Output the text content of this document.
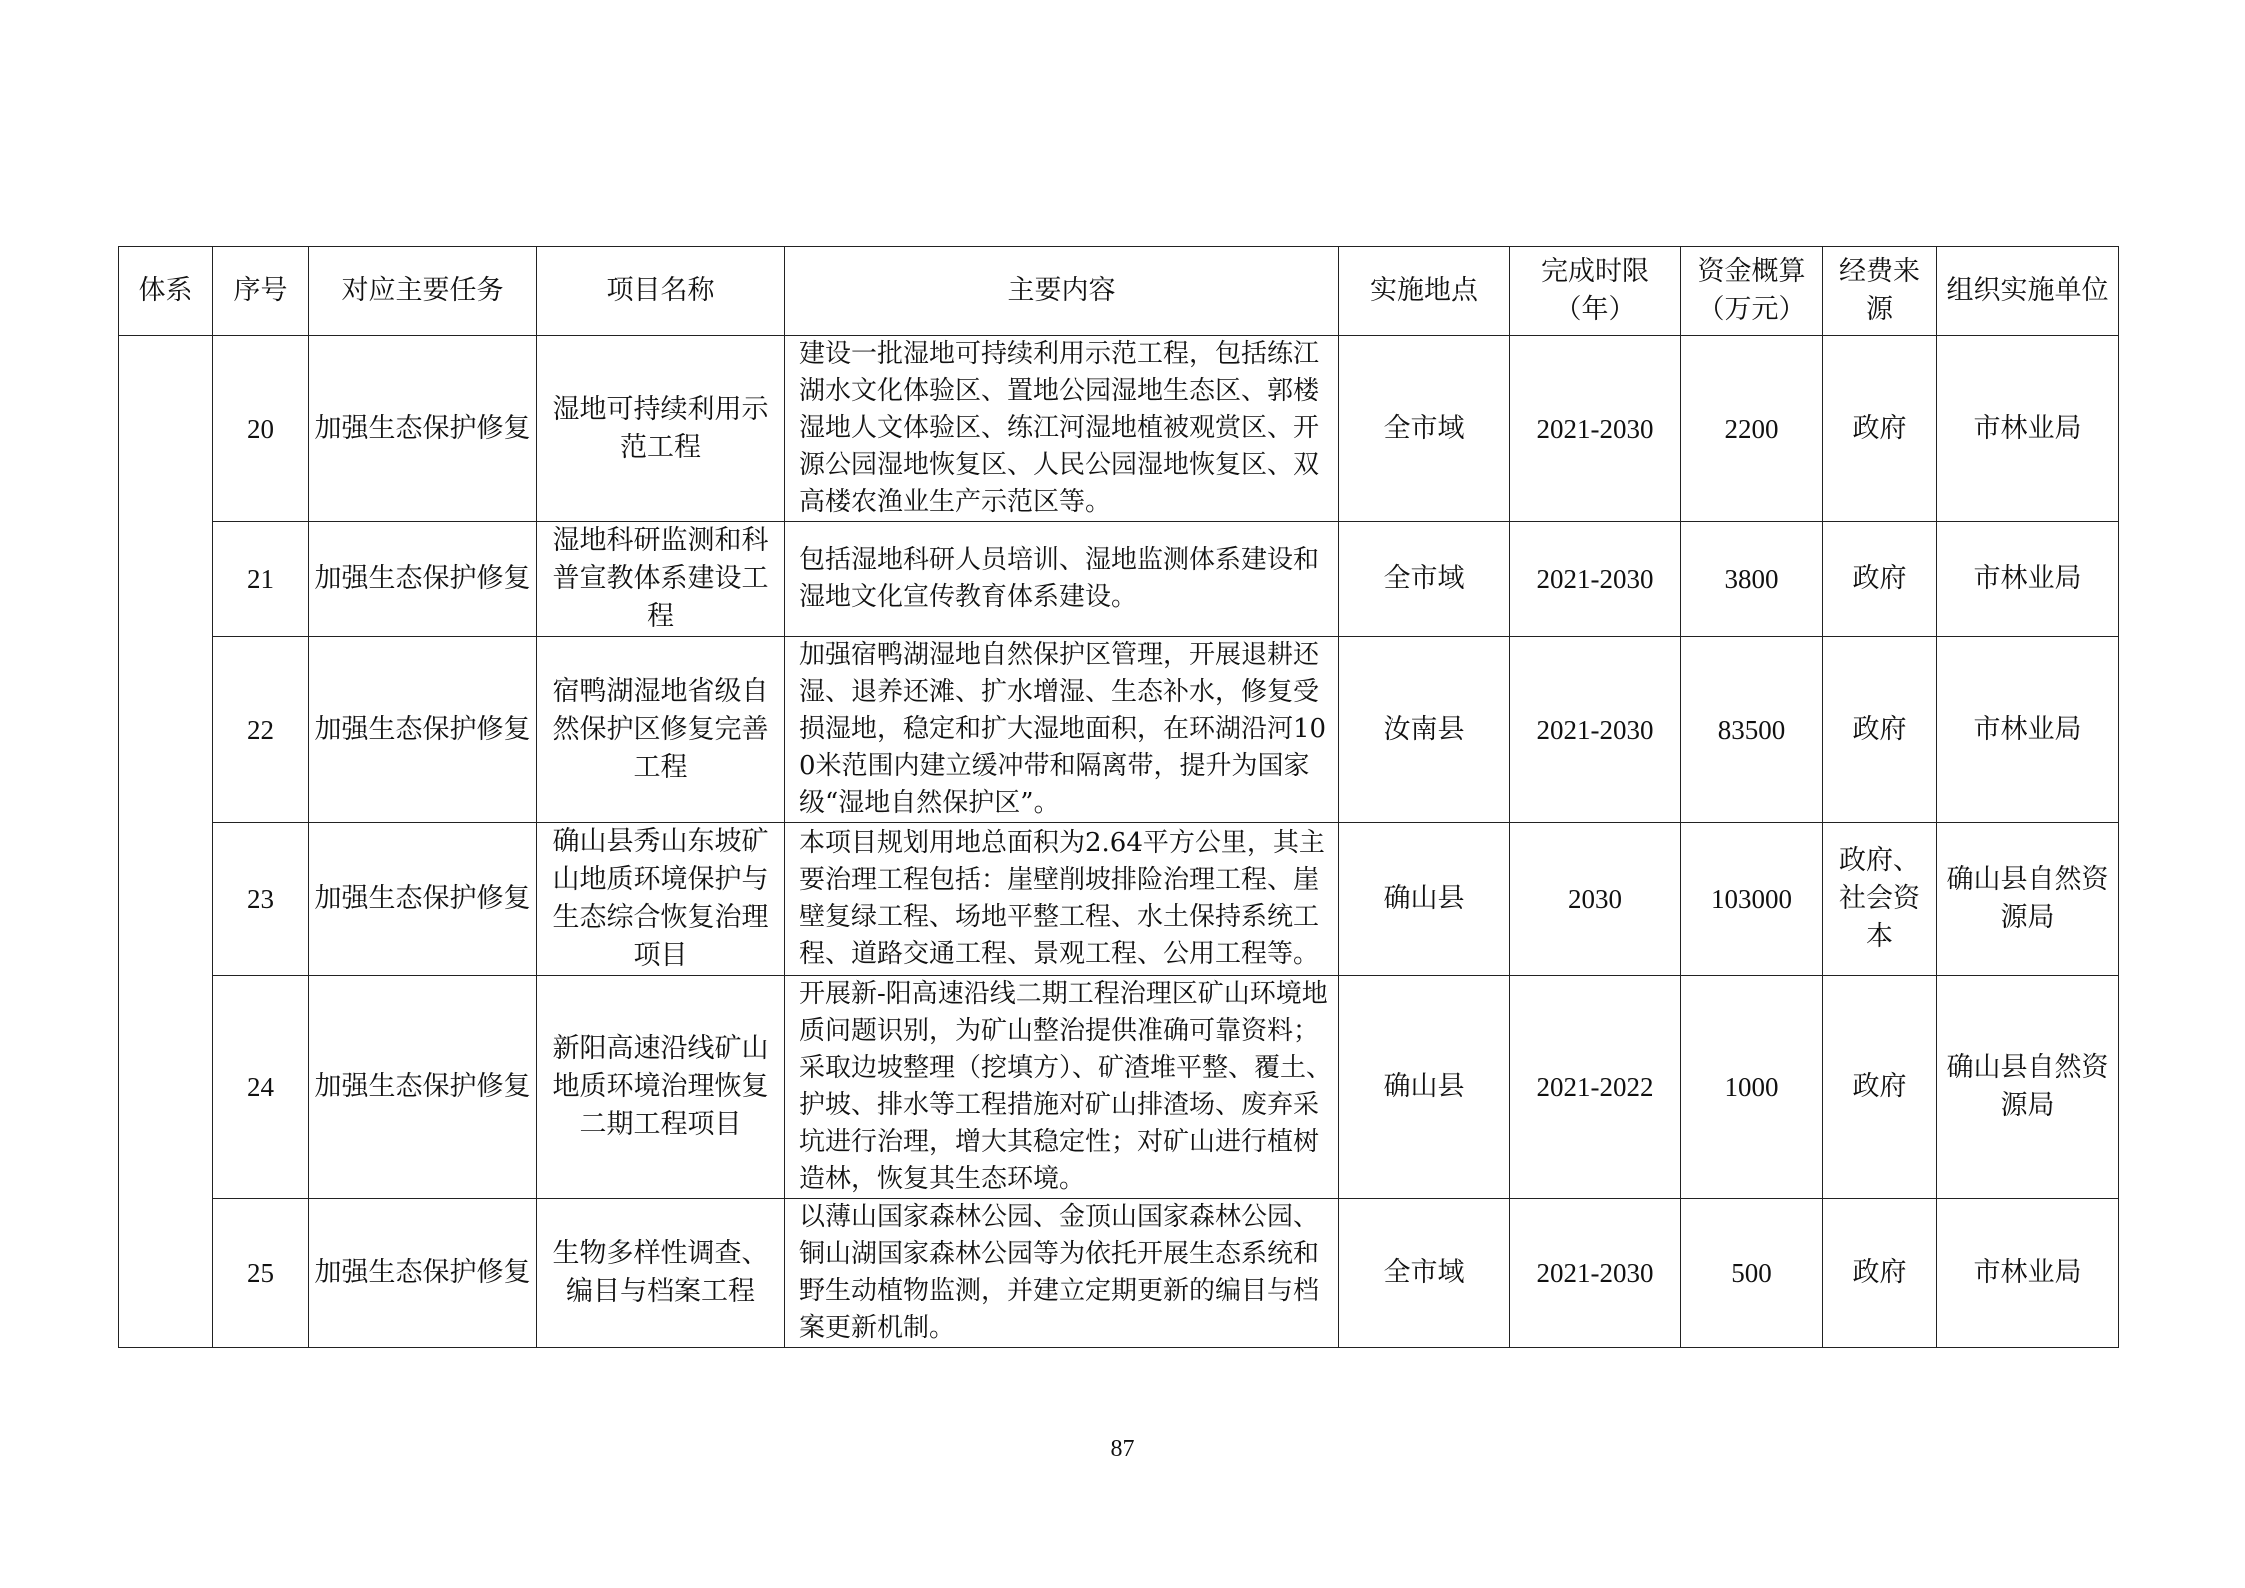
体系	序号	对应主要任务	项目名称	主要内容	实施地点	完成时限（年）	资金概算（万元）	经费来源	组织实施单位
	20	加强生态保护修复	湿地可持续利用示范工程	建设一批湿地可持续利用示范工程，包括练江湖水文化体验区、置地公园湿地生态区、郭楼湿地人文体验区、练江河湿地植被观赏区、开源公园湿地恢复区、人民公园湿地恢复区、双高楼农渔业生产示范区等。	全市域	2021-2030	2200	政府	市林业局
	21	加强生态保护修复	湿地科研监测和科普宣教体系建设工程	包括湿地科研人员培训、湿地监测体系建设和湿地文化宣传教育体系建设。	全市域	2021-2030	3800	政府	市林业局
	22	加强生态保护修复	宿鸭湖湿地省级自然保护区修复完善工程	加强宿鸭湖湿地自然保护区管理，开展退耕还湿、退养还滩、扩水增湿、生态补水，修复受损湿地，稳定和扩大湿地面积，在环湖沿河100米范围内建立缓冲带和隔离带，提升为国家级“湿地自然保护区”。	汝南县	2021-2030	83500	政府	市林业局
	23	加强生态保护修复	确山县秀山东坡矿山地质环境保护与生态综合恢复治理项目	本项目规划用地总面积为2.64平方公里，其主要治理工程包括：崖壁削坡排险治理工程、崖壁复绿工程、场地平整工程、水土保持系统工程、道路交通工程、景观工程、公用工程等。	确山县	2030	103000	政府、社会资本	确山县自然资源局
	24	加强生态保护修复	新阳高速沿线矿山地质环境治理恢复二期工程项目	开展新-阳高速沿线二期工程治理区矿山环境地质问题识别，为矿山整治提供准确可靠资料；采取边坡整理（挖填方）、矿渣堆平整、覆土、护坡、排水等工程措施对矿山排渣场、废弃采坑进行治理，增大其稳定性；对矿山进行植树造林，恢复其生态环境。	确山县	2021-2022	1000	政府	确山县自然资源局
	25	加强生态保护修复	生物多样性调查、编目与档案工程	以薄山国家森林公园、金顶山国家森林公园、铜山湖国家森林公园等为依托开展生态系统和野生动植物监测，并建立定期更新的编目与档案更新机制。	全市域	2021-2030	500	政府	市林业局
87
